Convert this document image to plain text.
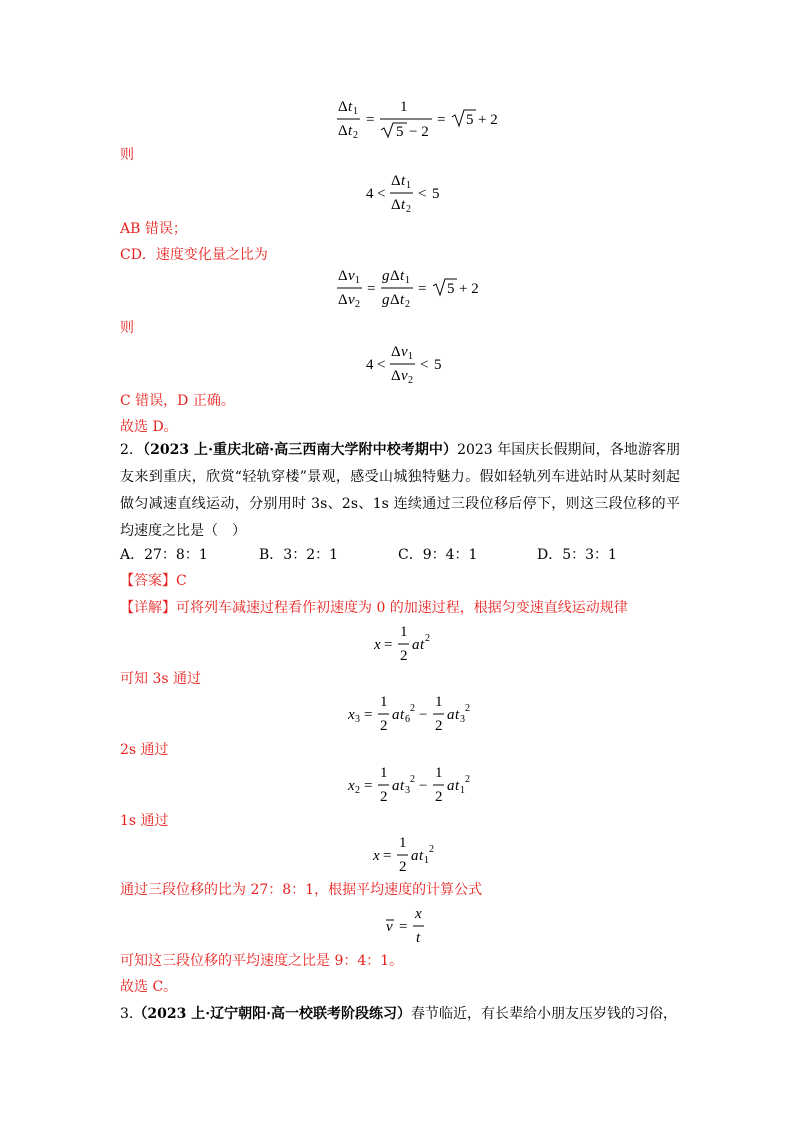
Δ t 1
Δ t 2
=
1
5 − 2
= 5 + 2
则
4 <
Δ t 1
Δ t 2
< 5
AB 错误；
CD．速度变化量之比为
Δ v 1
Δ v 2
=
g Δ t 1
g Δ t 2
= 5 + 2
则
4 <
Δ v 1
Δ v 2
< 5
C 错误，D 正确。
故选 D。
2．（2023 上·重庆北碚·高三西南大学附中校考期中）2023 年国庆长假期间，各地游客朋友来到重庆，欣赏“轻轨穿楼”景观，感受山城独特魅力。假如轻轨列车进站时从某时刻起做匀减速直线运动，分别用时 3s、2s、1s 连续通过三段位移后停下，则这三段位移的平均速度之比是（　）
A．27：8：1	B．3：2：1	C．9：4：1	D．5：3：1
【答案】C
【详解】可将列车减速过程看作初速度为 0 的加速过程，根据匀变速直线运动规律
x =
1
2
a t 2
可知 3s 通过
x 3 =
1
2
a t 6
2 −
1
2
a t 3
2
2s 通过
x 2 =
1
2
a t 3
2 −
1
2
a t 1
2
1s 通过
x =
1
2
a t 1
2
通过三段位移的比为 27：8：1，根据平均速度的计算公式
v =
x
t
可知这三段位移的平均速度之比是 9：4：1。
故选 C。
3.（2023 上·辽宁朝阳·高一校联考阶段练习）春节临近，有长辈给小朋友压岁钱的习俗，
